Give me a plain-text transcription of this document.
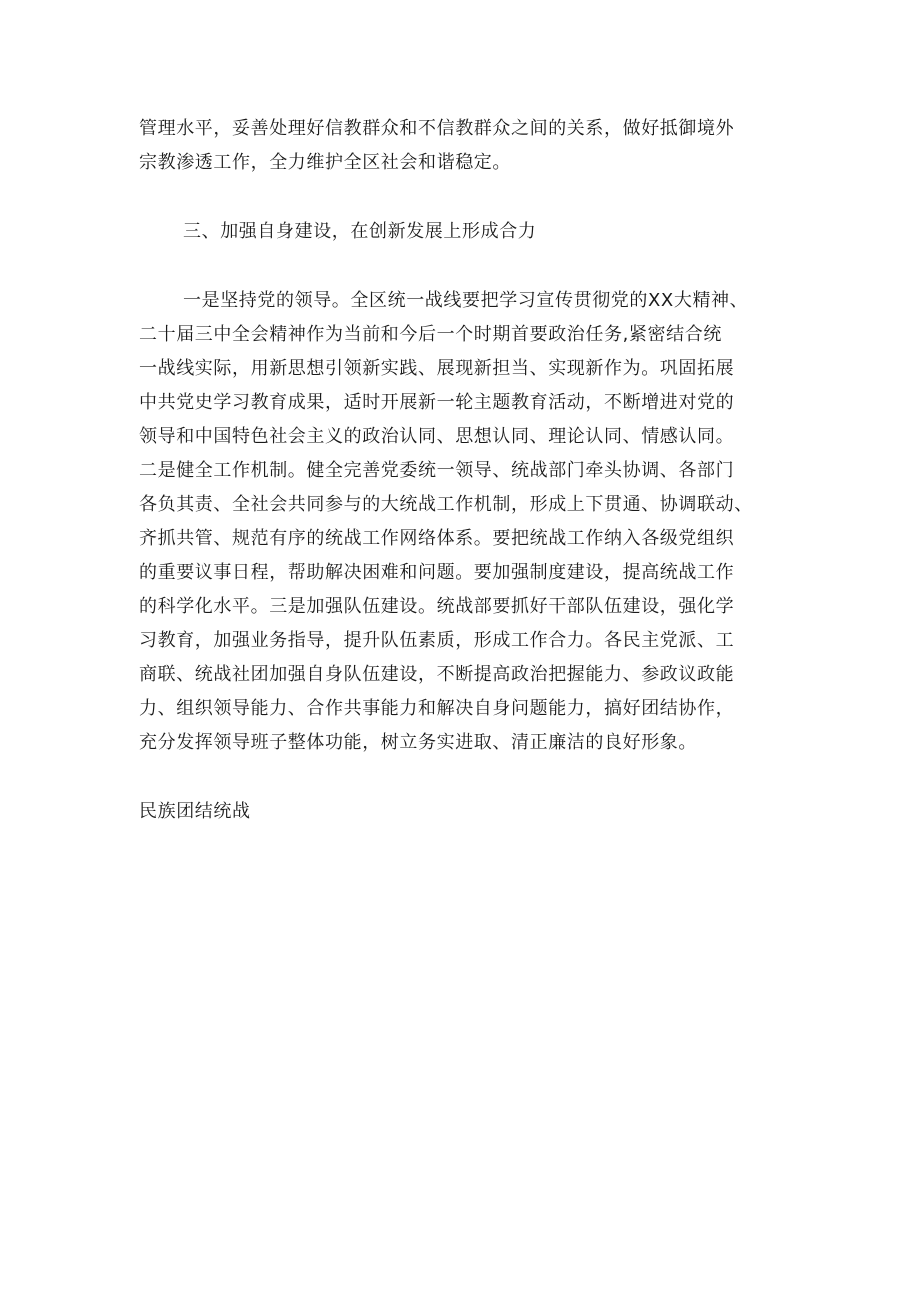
管理水平，妥善处理好信教群众和不信教群众之间的关系，做好抵御境外
宗教渗透工作，全力维护全区社会和谐稳定。
三、加强自身建设，在创新发展上形成合力
一是坚持党的领导。全区统一战线要把学习宣传贯彻党的XX大精神、
二十届三中全会精神作为当前和今后一个时期首要政治任务,紧密结合统
一战线实际，用新思想引领新实践、展现新担当、实现新作为。巩固拓展
中共党史学习教育成果，适时开展新一轮主题教育活动，不断增进对党的
领导和中国特色社会主义的政治认同、思想认同、理论认同、情感认同。
二是健全工作机制。健全完善党委统一领导、统战部门牵头协调、各部门
各负其责、全社会共同参与的大统战工作机制，形成上下贯通、协调联动、
齐抓共管、规范有序的统战工作网络体系。要把统战工作纳入各级党组织
的重要议事日程，帮助解决困难和问题。要加强制度建设，提高统战工作
的科学化水平。三是加强队伍建设。统战部要抓好干部队伍建设，强化学
习教育，加强业务指导，提升队伍素质，形成工作合力。各民主党派、工
商联、统战社团加强自身队伍建设，不断提高政治把握能力、参政议政能
力、组织领导能力、合作共事能力和解决自身问题能力，搞好团结协作，
充分发挥领导班子整体功能，树立务实进取、清正廉洁的良好形象。
民族团结统战
